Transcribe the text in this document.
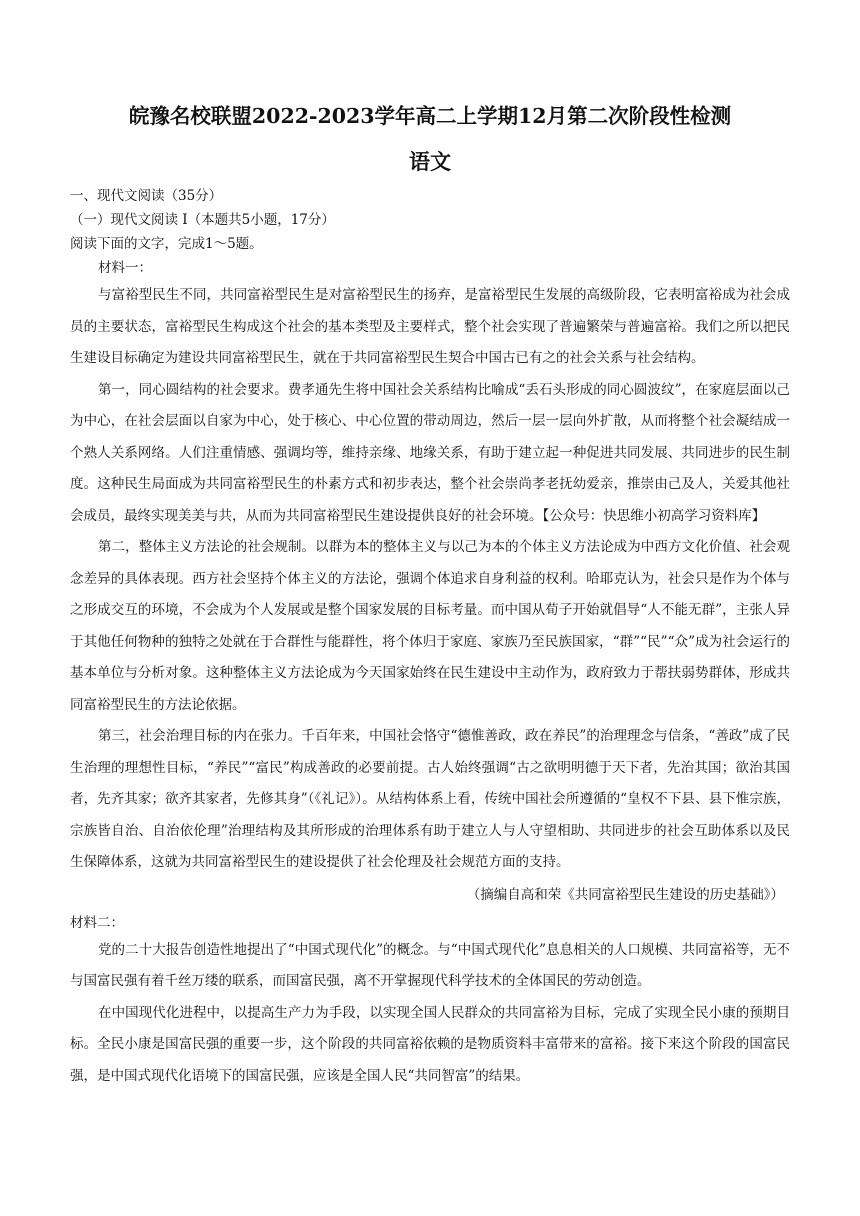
皖豫名校联盟2022-2023学年高二上学期12月第二次阶段性检测
语文

一、现代文阅读（35分）

（一）现代文阅读 I（本题共5小题，17分）

阅读下面的文字，完成1～5题。

材料一：

与富裕型民生不同，共同富裕型民生是对富裕型民生的扬弃，是富裕型民生发展的高级阶段，它表明富裕成为社会成员的主要状态，富裕型民生构成这个社会的基本类型及主要样式，整个社会实现了普遍繁荣与普遍富裕。我们之所以把民生建设目标确定为建设共同富裕型民生，就在于共同富裕型民生契合中国古已有之的社会关系与社会结构。

第一，同心圆结构的社会要求。费孝通先生将中国社会关系结构比喻成“丢石头形成的同心圆波纹”，在家庭层面以己为中心，在社会层面以自家为中心，处于核心、中心位置的带动周边，然后一层一层向外扩散，从而将整个社会凝结成一个熟人关系网络。人们注重情感、强调均等，维持亲缘、地缘关系，有助于建立起一种促进共同发展、共同进步的民生制度。这种民生局面成为共同富裕型民生的朴素方式和初步表达，整个社会崇尚孝老抚幼爱亲，推崇由己及人，关爱其他社会成员，最终实现美美与共，从而为共同富裕型民生建设提供良好的社会环境。【公众号：快思维小初高学习资料库】

第二，整体主义方法论的社会规制。以群为本的整体主义与以己为本的个体主义方法论成为中西方文化价值、社会观念差异的具体表现。西方社会坚持个体主义的方法论，强调个体追求自身利益的权利。哈耶克认为，社会只是作为个体与之形成交互的环境，不会成为个人发展或是整个国家发展的目标考量。而中国从荀子开始就倡导“人不能无群”，主张人异于其他任何物种的独特之处就在于合群性与能群性，将个体归于家庭、家族乃至民族国家，“群”“民”“众”成为社会运行的基本单位与分析对象。这种整体主义方法论成为今天国家始终在民生建设中主动作为，政府致力于帮扶弱势群体，形成共同富裕型民生的方法论依据。

第三，社会治理目标的内在张力。千百年来，中国社会恪守“德惟善政，政在养民”的治理理念与信条，“善政”成了民生治理的理想性目标，“养民”“富民”构成善政的必要前提。古人始终强调“古之欲明明德于天下者，先治其国；欲治其国者，先齐其家；欲齐其家者，先修其身”（《礼记》）。从结构体系上看，传统中国社会所遵循的“皇权不下县、县下惟宗族，宗族皆自治、自治依伦理”治理结构及其所形成的治理体系有助于建立人与人守望相助、共同进步的社会互助体系以及民生保障体系，这就为共同富裕型民生的建设提供了社会伦理及社会规范方面的支持。

（摘编自高和荣《共同富裕型民生建设的历史基础》）

材料二：

党的二十大报告创造性地提出了“中国式现代化”的概念。与“中国式现代化”息息相关的人口规模、共同富裕等，无不与国富民强有着千丝万缕的联系，而国富民强，离不开掌握现代科学技术的全体国民的劳动创造。

在中国现代化进程中，以提高生产力为手段，以实现全国人民群众的共同富裕为目标，完成了实现全民小康的预期目标。全民小康是国富民强的重要一步，这个阶段的共同富裕依赖的是物质资料丰富带来的富裕。接下来这个阶段的国富民强，是中国式现代化语境下的国富民强，应该是全国人民“共同智富”的结果。
